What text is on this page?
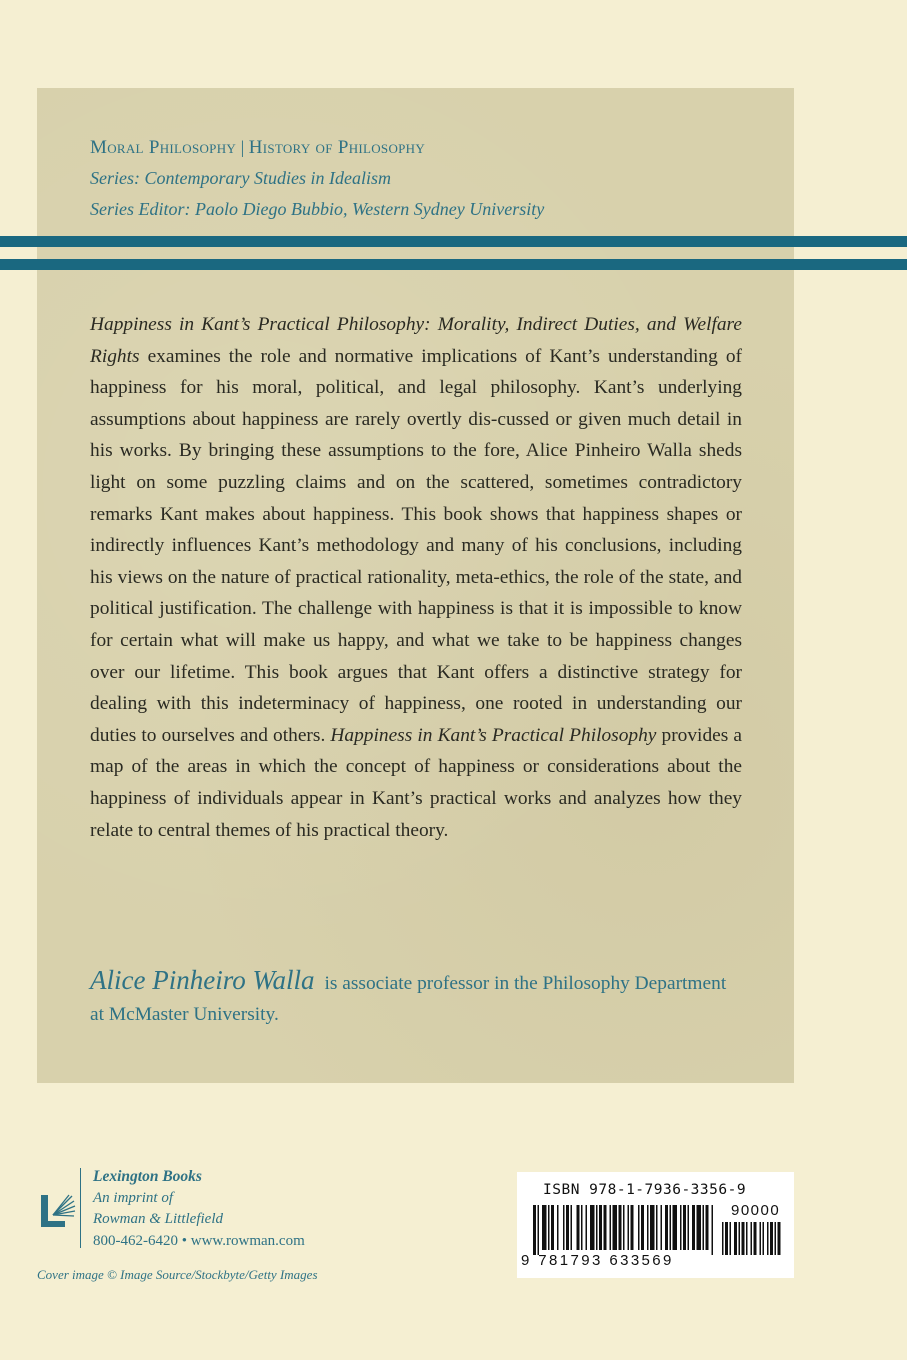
Moral Philosophy | History of Philosophy
Series: Contemporary Studies in Idealism
Series Editor: Paolo Diego Bubbio, Western Sydney University
Happiness in Kant’s Practical Philosophy: Morality, Indirect Duties, and Welfare Rights examines the role and normative implications of Kant’s understanding of happiness for his moral, political, and legal philosophy. Kant’s underlying assumptions about happiness are rarely overtly dis-cussed or given much detail in his works. By bringing these assumptions to the fore, Alice Pinheiro Walla sheds light on some puzzling claims and on the scattered, sometimes contradictory remarks Kant makes about happiness. This book shows that happiness shapes or indirectly influences Kant’s methodology and many of his conclusions, including his views on the nature of practical rationality, meta-ethics, the role of the state, and political justification. The challenge with happiness is that it is impossible to know for certain what will make us happy, and what we take to be happiness changes over our lifetime. This book argues that Kant offers a distinctive strategy for dealing with this indeterminacy of happiness, one rooted in understanding our duties to ourselves and others. Happiness in Kant’s Practical Philosophy provides a map of the areas in which the concept of happiness or considerations about the happiness of individuals appear in Kant’s practical works and analyzes how they relate to central themes of his practical theory.
Alice Pinheiro Walla is associate professor in the Philosophy Department at McMaster University.
Lexington Books
An imprint of
Rowman & Littlefield
800-462-6420 • www.rowman.com
Cover image © Image Source/Stockbyte/Getty Images
ISBN 978-1-7936-3356-9
90000
9 781793 633569
